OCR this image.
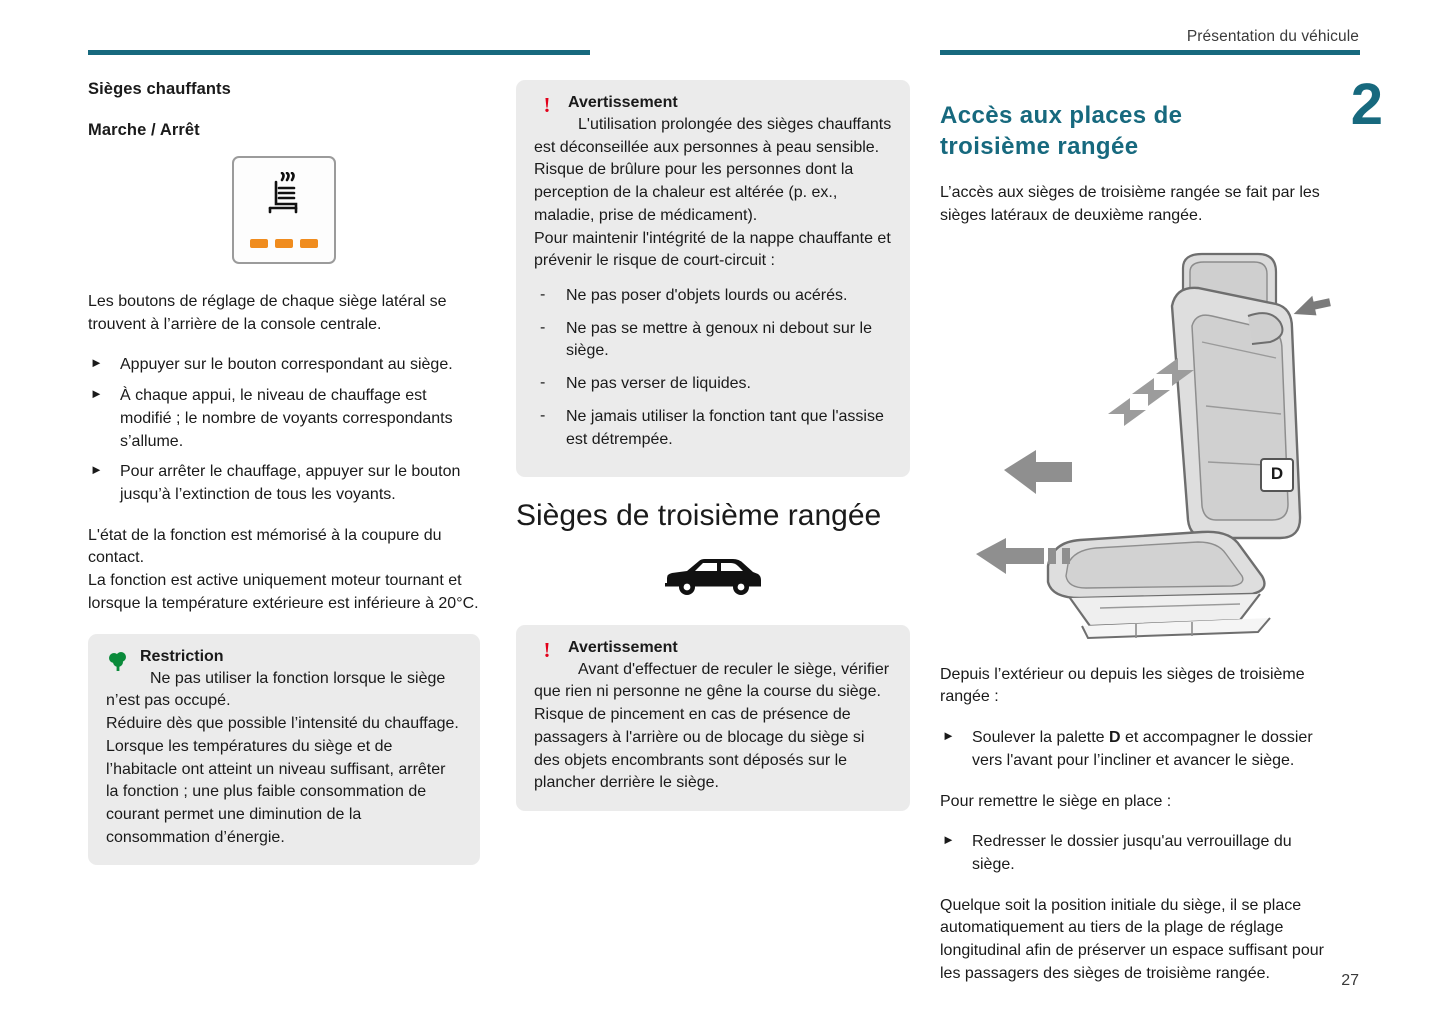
Présentation du véhicule
2
27

Sièges chauffants

Marche / Arrêt

Les boutons de réglage de chaque siège latéral se trouvent à l’arrière de la console centrale.

► Appuyer sur le bouton correspondant au siège.
► À chaque appui, le niveau de chauffage est modifié ; le nombre de voyants correspondants s’allume.
► Pour arrêter le chauffage, appuyer sur le bouton jusqu’à l’extinction de tous les voyants.

L'état de la fonction est mémorisé à la coupure du contact.

La fonction est active uniquement moteur tournant et lorsque la température extérieure est inférieure à 20°C.

Restriction

Ne pas utiliser la fonction lorsque le siège n’est pas occupé.

Réduire dès que possible l’intensité du chauffage.

Lorsque les températures du siège et de l’habitacle ont atteint un niveau suffisant, arrêter la fonction ; une plus faible consommation de courant permet une diminution de la consommation d’énergie.

!	Avertissement

L'utilisation prolongée des sièges chauffants est déconseillée aux personnes à peau sensible.

Risque de brûlure pour les personnes dont la perception de la chaleur est altérée (p. ex., maladie, prise de médicament).

Pour maintenir l'intégrité de la nappe chauffante et prévenir le risque de court-circuit :

- Ne pas poser d'objets lourds ou acérés.
- Ne pas se mettre à genoux ni debout sur le siège.
- Ne pas verser de liquides.
- Ne jamais utiliser la fonction tant que l'assise est détrempée.
Sièges de troisième rangée
!	Avertissement

Avant d'effectuer de reculer le siège, vérifier que rien ni personne ne gêne la course du siège. Risque de pincement en cas de présence de passagers à l'arrière ou de blocage du siège si des objets encombrants sont déposés sur le plancher derrière le siège.

Accès aux places de
troisième rangée

L’accès aux sièges de troisième rangée se fait par les sièges latéraux de deuxième rangée.

D

Depuis l’extérieur ou depuis les sièges de troisième rangée :

► Soulever la palette D et accompagner le dossier vers l'avant pour l’incliner et avancer le siège.

Pour remettre le siège en place :

► Redresser le dossier jusqu'au verrouillage du siège.

Quelque soit la position initiale du siège, il se place automatiquement au tiers de la plage de réglage longitudinal afin de préserver un espace suffisant pour les passagers des sièges de troisième rangée.
